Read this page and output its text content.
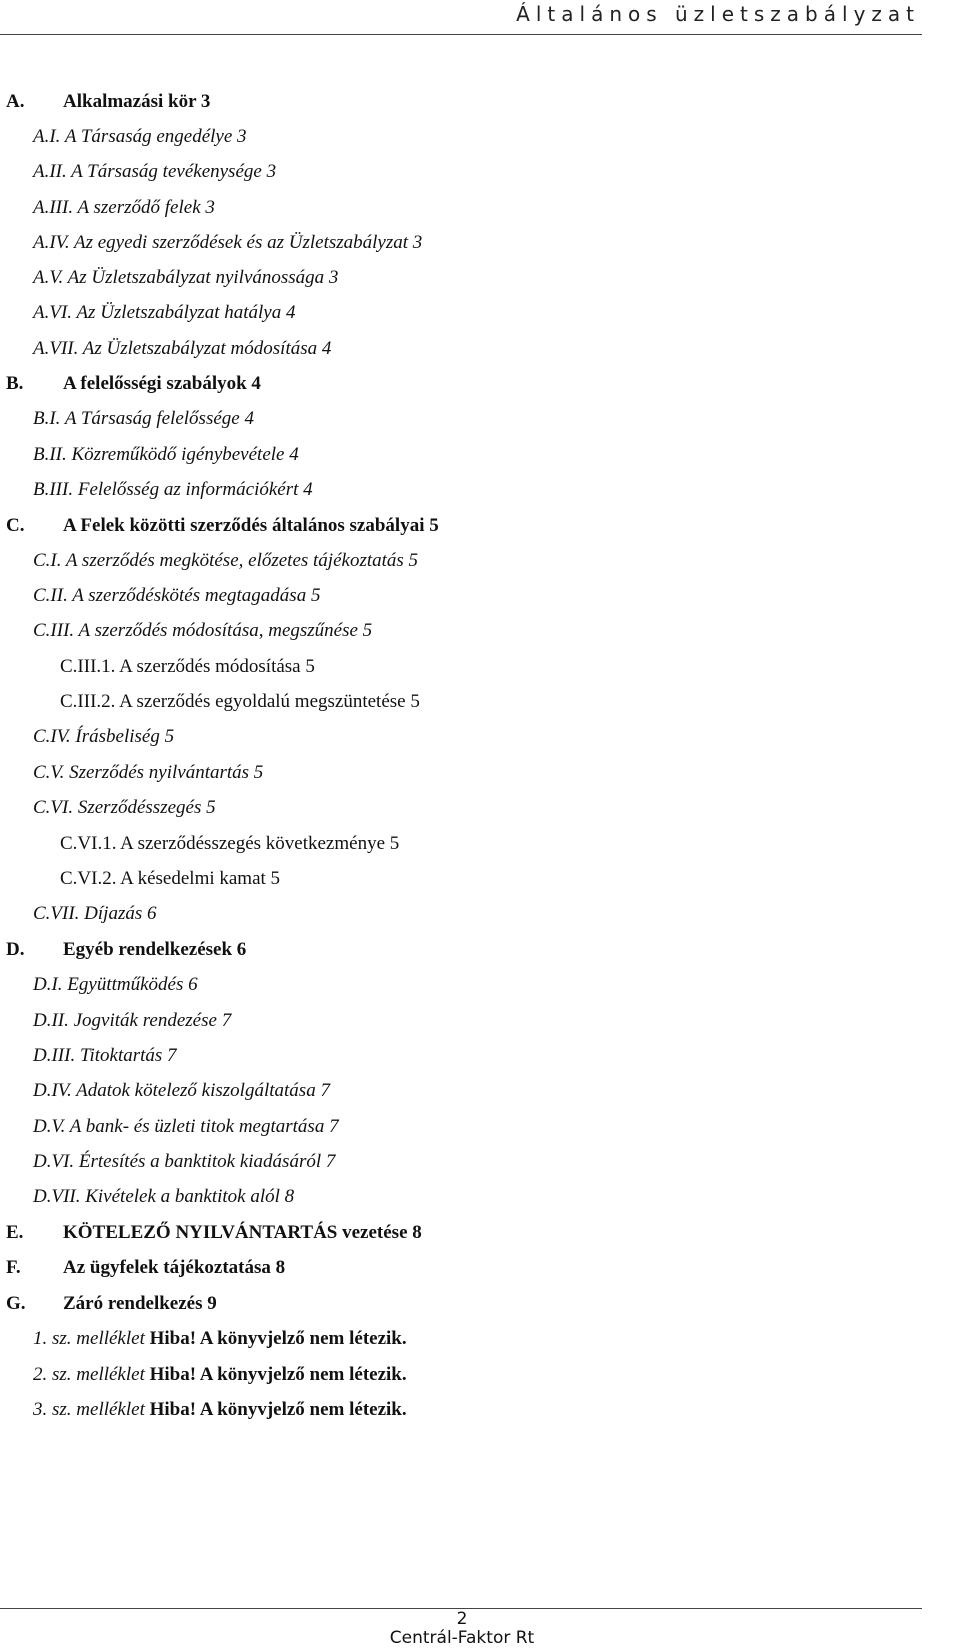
Általános üzletszabályzat
A. Alkalmazási kör 3
A.I. A Társaság engedélye 3
A.II. A Társaság tevékenysége 3
A.III. A szerződő felek 3
A.IV. Az egyedi szerződések és az Üzletszabályzat 3
A.V. Az Üzletszabályzat nyilvánossága 3
A.VI. Az Üzletszabályzat hatálya 4
A.VII. Az Üzletszabályzat módosítása 4
B. A felelősségi szabályok 4
B.I. A Társaság felelőssége 4
B.II. Közreműködő igénybevétele 4
B.III. Felelősség az információkért 4
C. A Felek közötti szerződés általános szabályai 5
C.I. A szerződés megkötése, előzetes tájékoztatás 5
C.II. A szerződéskötés megtagadása 5
C.III. A szerződés módosítása, megszűnése 5
C.III.1. A szerződés módosítása 5
C.III.2. A szerződés egyoldalú megszüntetése 5
C.IV. Írásbeliség 5
C.V. Szerződés nyilvántartás 5
C.VI. Szerződésszegés 5
C.VI.1. A szerződésszegés következménye 5
C.VI.2. A késedelmi kamat 5
C.VII. Díjazás 6
D. Egyéb rendelkezések 6
D.I. Együttműködés 6
D.II. Jogviták rendezése 7
D.III. Titoktartás 7
D.IV. Adatok kötelező kiszolgáltatása 7
D.V. A bank- és üzleti titok megtartása 7
D.VI. Értesítés a banktitok kiadásáról 7
D.VII. Kivételek a banktitok alól 8
E. KÖTELEZŐ NYILVÁNTARTÁS vezetése 8
F. Az ügyfelek tájékoztatása 8
G. Záró rendelkezés 9
1. sz. melléklet Hiba! A könyvjelző nem létezik.
2. sz. melléklet Hiba! A könyvjelző nem létezik.
3. sz. melléklet Hiba! A könyvjelző nem létezik.
2
Centrál-Faktor Rt
